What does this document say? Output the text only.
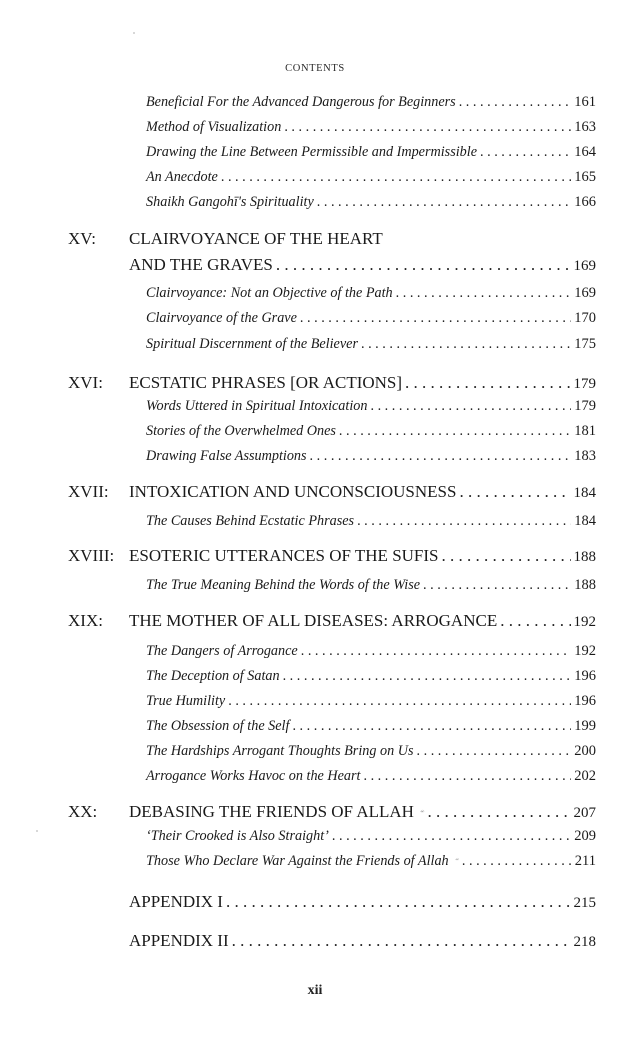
CONTENTS
Beneficial For the Advanced Dangerous for Beginners . . .	161
Method of Visualization . . .	163
Drawing the Line Between Permissible and Impermissible . . .	164
An Anecdote . . .	165
Shaikh Gangohī's Spirituality . . .	166
XV: CLAIRVOYANCE OF THE HEART
AND THE GRAVES . . .	169
Clairvoyance: Not an Objective of the Path . . .	169
Clairvoyance of the Grave . . .	170
Spiritual Discernment of the Believer . . .	175
XVI: ECSTATIC PHRASES [OR ACTIONS] . . .	179
Words Uttered in Spiritual Intoxication . . .	179
Stories of the Overwhelmed Ones . . .	181
Drawing False Assumptions . . .	183
XVII: INTOXICATION AND UNCONSCIOUSNESS . . .	184
The Causes Behind Ecstatic Phrases . . .	184
XVIII: ESOTERIC UTTERANCES OF THE SUFIS . . .	188
The True Meaning Behind the Words of the Wise . . .	188
XIX: THE MOTHER OF ALL DISEASES: ARROGANCE . . .	192
The Dangers of Arrogance . . .	192
The Deception of Satan . . .	196
True Humility . . .	196
The Obsession of the Self . . .	199
The Hardships Arrogant Thoughts Bring on Us . . .	200
Arrogance Works Havoc on the Heart . . .	202
XX: DEBASING THE FRIENDS OF ALLAH . . .	207
‘Their Crooked is Also Straight’ . . .	209
Those Who Declare War Against the Friends of Allah . . .	211
APPENDIX I . . .	215
APPENDIX II . . .	218
xii
